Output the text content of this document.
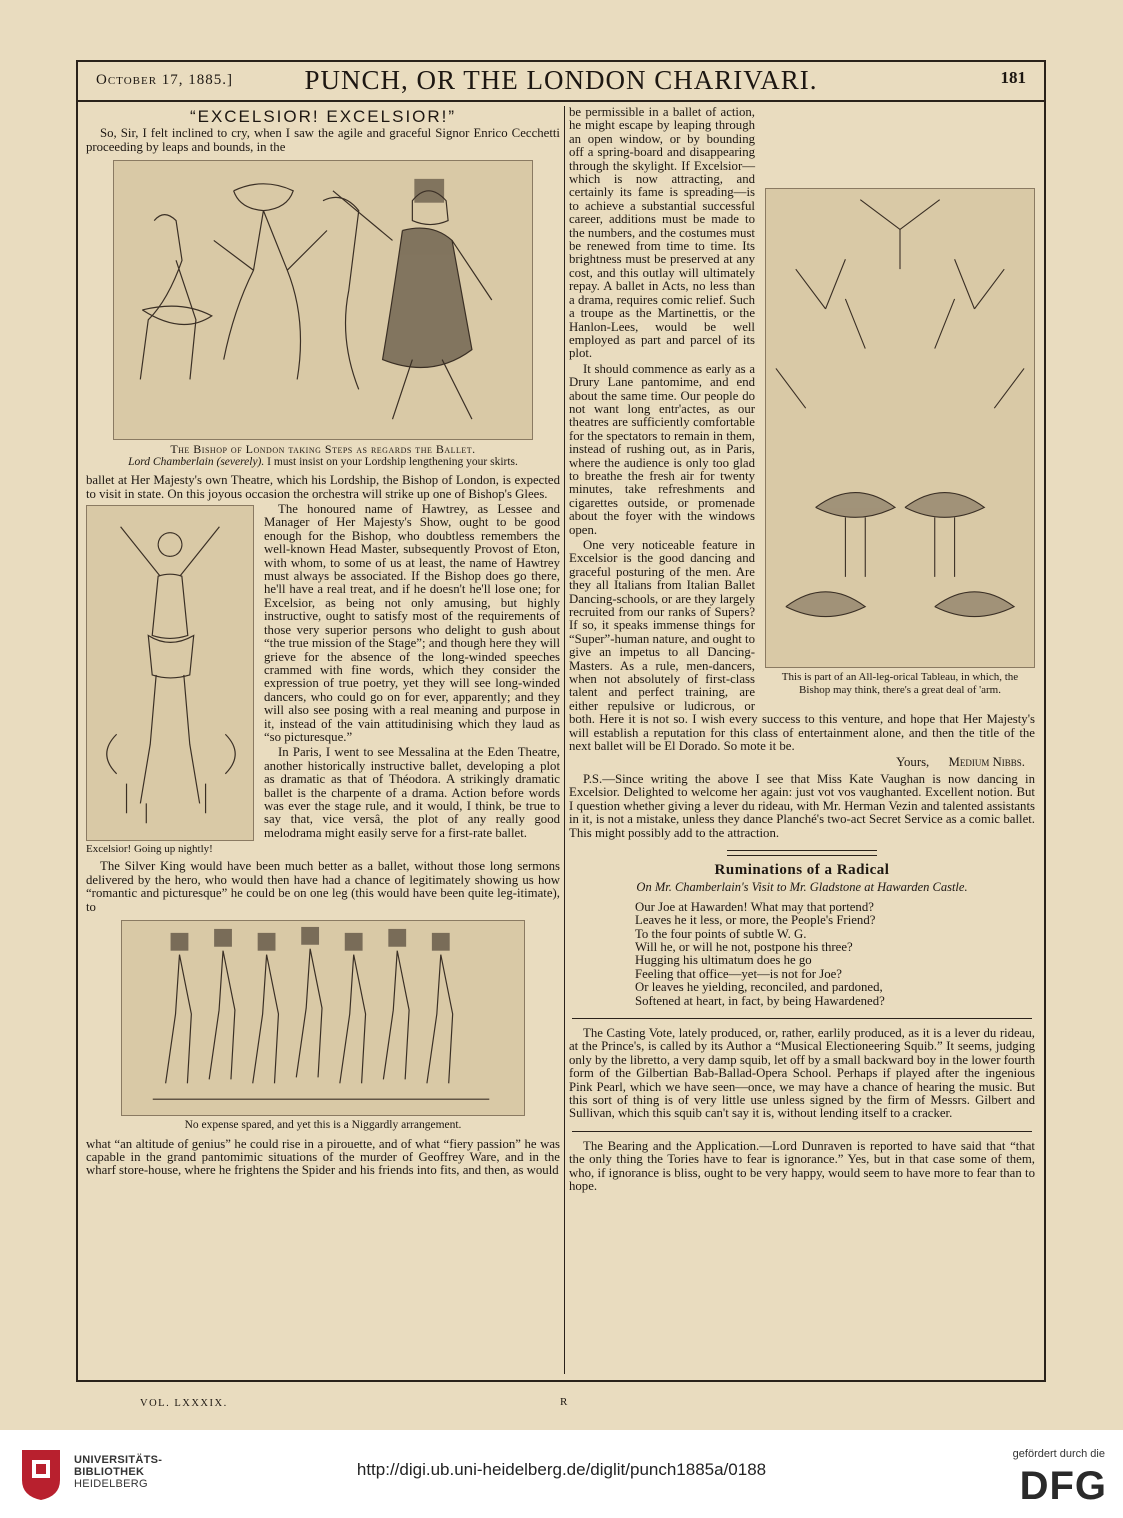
October 17, 1885.]	PUNCH, OR THE LONDON CHARIVARI.	181
“EXCELSIOR! EXCELSIOR!”

So, Sir, I felt inclined to cry, when I saw the agile and graceful Signor Enrico Cecchetti proceeding by leaps and bounds, in the

The Bishop of London taking Steps as regards the Ballet.
Lord Chamberlain (severely). I must insist on your Lordship lengthening your skirts.

ballet at Her Majesty's own Theatre, which his Lordship, the Bishop of London, is expected to visit in state. On this joyous occasion the orchestra will strike up one of Bishop's Glees.

Excelsior! Going up nightly!

The honoured name of Hawtrey, as Lessee and Manager of Her Majesty's Show, ought to be good enough for the Bishop, who doubtless remembers the well-known Head Master, subsequently Provost of Eton, with whom, to some of us at least, the name of Hawtrey must always be associated. If the Bishop does go there, he'll have a real treat, and if he doesn't he'll lose one; for Excelsior, as being not only amusing, but highly instructive, ought to satisfy most of the requirements of those very superior persons who delight to gush about “the true mission of the Stage”; and though here they will grieve for the absence of the long-winded speeches crammed with fine words, which they consider the expression of true poetry, yet they will see long-winded dancers, who could go on for ever, apparently; and they will also see posing with a real meaning and purpose in it, instead of the vain attitudinising which they laud as “so picturesque.”

In Paris, I went to see Messalina at the Eden Theatre, another historically instructive ballet, developing a plot as dramatic as that of Théodora. A strikingly dramatic ballet is the charpente of a drama. Action before words was ever the stage rule, and it would, I think, be true to say that, vice versâ, the plot of any really good melodrama might easily serve for a first-rate ballet.

The Silver King would have been much better as a ballet, without those long sermons delivered by the hero, who would then have had a chance of legitimately showing us how “romantic and picturesque” he could be on one leg (this would have been quite leg-itimate), to

No expense spared, and yet this is a Niggardly arrangement.

what “an altitude of genius” he could rise in a pirouette, and of what “fiery passion” he was capable in the grand pantomimic situations of the murder of Geoffrey Ware, and in the wharf store-house, where he frightens the Spider and his friends into fits, and then, as would

This is part of an All-leg-orical Tableau, in which, the Bishop may think, there's a great deal of 'arm.

be permissible in a ballet of action, he might escape by leaping through an open window, or by bounding off a spring-board and disappearing through the skylight. If Excelsior—which is now attracting, and certainly its fame is spreading—is to achieve a substantial successful career, additions must be made to the numbers, and the costumes must be renewed from time to time. Its brightness must be preserved at any cost, and this outlay will ultimately repay. A ballet in Acts, no less than a drama, requires comic relief. Such a troupe as the Martinettis, or the Hanlon-Lees, would be well employed as part and parcel of its plot.

It should commence as early as a Drury Lane pantomime, and end about the same time. Our people do not want long entr'actes, as our theatres are sufficiently comfortable for the spectators to remain in them, instead of rushing out, as in Paris, where the audience is only too glad to breathe the fresh air for twenty minutes, take refreshments and cigarettes outside, or promenade about the foyer with the windows open.

One very noticeable feature in Excelsior is the good dancing and graceful posturing of the men. Are they all Italians from Italian Ballet Dancing-schools, or are they largely recruited from our ranks of Supers? If so, it speaks immense things for “Super”-human nature, and ought to give an impetus to all Dancing-Masters. As a rule, men-dancers, when not absolutely of first-class talent and perfect training, are either repulsive or ludicrous, or both. Here it is not so. I wish every success to this venture, and hope that Her Majesty's will establish a reputation for this class of entertainment alone, and then the title of the next ballet will be El Dorado. So mote it be.

Yours, Medium Nibbs.

P.S.—Since writing the above I see that Miss Kate Vaughan is now dancing in Excelsior. Delighted to welcome her again: just vot vos vaughanted. Excellent notion. But I question whether giving a lever du rideau, with Mr. Herman Vezin and talented assistants in it, is not a mistake, unless they dance Planché's two-act Secret Service as a comic ballet. This might possibly add to the attraction.

Ruminations of a Radical
On Mr. Chamberlain's Visit to Mr. Gladstone at Hawarden Castle.
Our Joe at Hawarden! What may that portend?
Leaves he it less, or more, the People's Friend?
To the four points of subtle W. G.
Will he, or will he not, postpone his three?
Hugging his ultimatum does he go
Feeling that office—yet—is not for Joe?
Or leaves he yielding, reconciled, and pardoned,
Softened at heart, in fact, by being Hawardened?

The Casting Vote, lately produced, or, rather, earlily produced, as it is a lever du rideau, at the Prince's, is called by its Author a “Musical Electioneering Squib.” It seems, judging only by the libretto, a very damp squib, let off by a small backward boy in the lower fourth form of the Gilbertian Bab-Ballad-Opera School. Perhaps if played after the ingenious Pink Pearl, which we have seen—once, we may have a chance of hearing the music. But this sort of thing is of very little use unless signed by the firm of Messrs. Gilbert and Sullivan, which this squib can't say it is, without lending itself to a cracker.

The Bearing and the Application.—Lord Dunraven is reported to have said that “that the only thing the Tories have to fear is ignorance.” Yes, but in that case some of them, who, if ignorance is bliss, ought to be very happy, would seem to have more to fear than to hope.

VOL. LXXXIX.	R
UNIVERSITÄTS-
BIBLIOTHEK
HEIDELBERG
http://digi.ub.uni-heidelberg.de/diglit/punch1885a/0188
gefördert durch die
DFG
